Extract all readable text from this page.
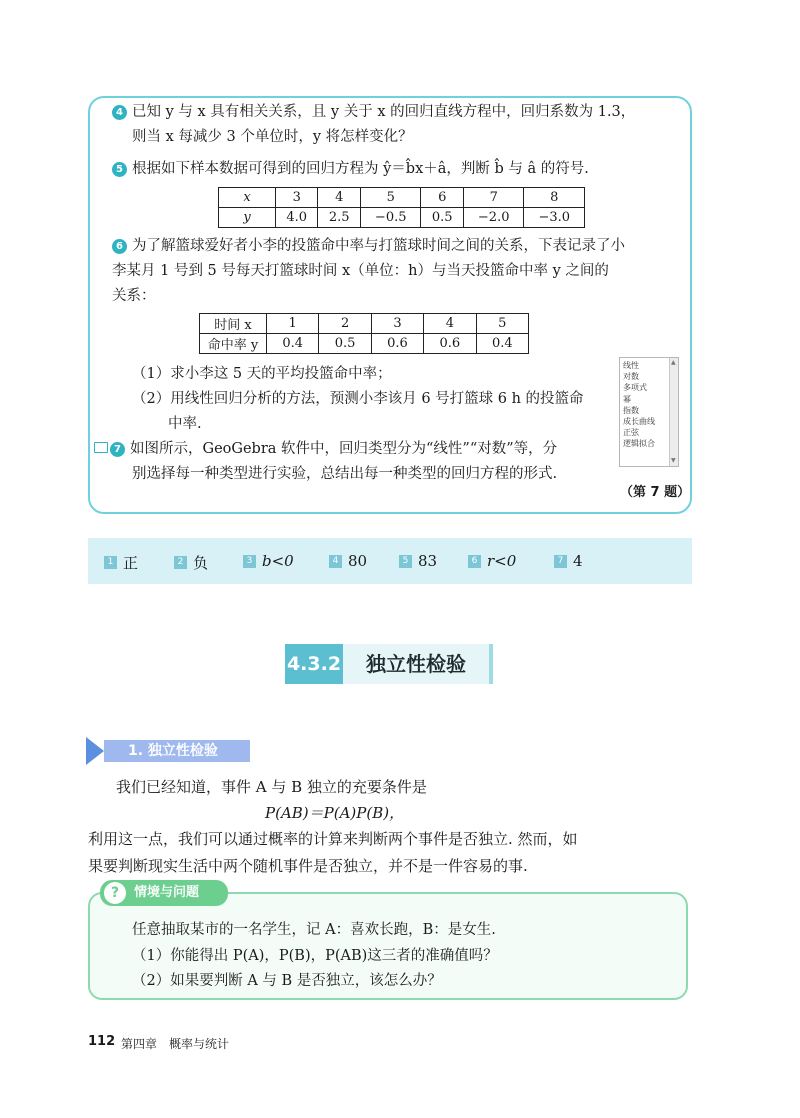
4 已知 y 与 x 具有相关关系，且 y 关于 x 的回归直线方程中，回归系数为 1.3，
则当 x 每减少 3 个单位时，y 将怎样变化？
5 根据如下样本数据可得到的回归方程为 ŷ＝b̂x＋â，判断 b̂ 与 â 的符号.
x	3	4	5	6	7	8
y	4.0	2.5	−0.5	0.5	−2.0	−3.0
6 为了解篮球爱好者小李的投篮命中率与打篮球时间之间的关系，下表记录了小
李某月 1 号到 5 号每天打篮球时间 x（单位：h）与当天投篮命中率 y 之间的
关系：
时间 x	1	2	3	4	5
命中率 y	0.4	0.5	0.6	0.6	0.4
（1）求小李这 5 天的平均投篮命中率；
（2）用线性回归分析的方法，预测小李该月 6 号打篮球 6 h 的投篮命
中率.
7 如图所示，GeoGebra 软件中，回归类型分为“线性”“对数”等，分
别选择每一种类型进行实验，总结出每一种类型的回归方程的形式.
线性
对数
多项式
幂
指数
成长曲线
正弦
逻辑拟合
▲
▼
（第 7 题）
1 正	2 负	3 b<0	4 80	5 83	6 r<0	7 4
4.3.2	独立性检验
1. 独立性检验
我们已经知道，事件 A 与 B 独立的充要条件是
P(AB)＝P(A)P(B)，
利用这一点，我们可以通过概率的计算来判断两个事件是否独立. 然而，如
果要判断现实生活中两个随机事件是否独立，并不是一件容易的事.
情境与问题
?
任意抽取某市的一名学生，记 A：喜欢长跑，B：是女生.
（1）你能得出 P(A)，P(B)，P(AB)这三者的准确值吗？
（2）如果要判断 A 与 B 是否独立，该怎么办？
112 第四章　概率与统计
